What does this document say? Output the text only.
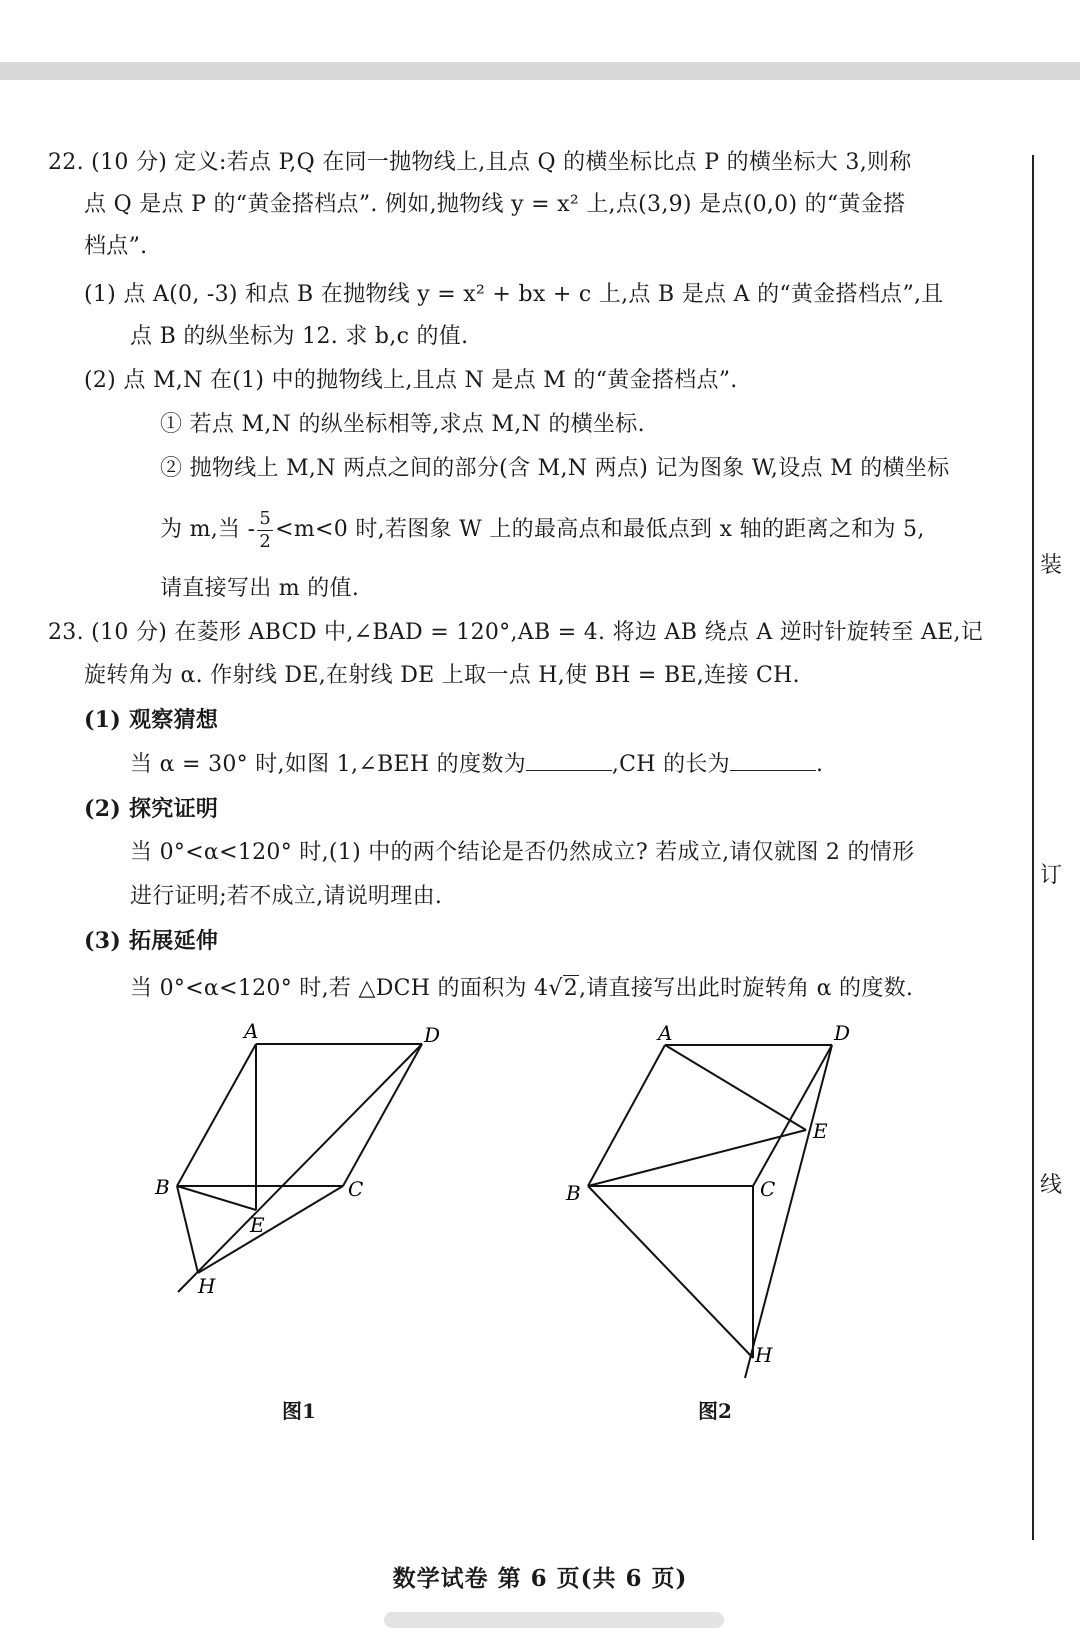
22. (10 分) 定义:若点 P,Q 在同一抛物线上,且点 Q 的横坐标比点 P 的横坐标大 3,则称
点 Q 是点 P 的“黄金搭档点”. 例如,抛物线 y = x² 上,点(3,9) 是点(0,0) 的“黄金搭
档点”.
(1) 点 A(0, -3) 和点 B 在抛物线 y = x² + bx + c 上,点 B 是点 A 的“黄金搭档点”,且
点 B 的纵坐标为 12. 求 b,c 的值.
(2) 点 M,N 在(1) 中的抛物线上,且点 N 是点 M 的“黄金搭档点”.
① 若点 M,N 的纵坐标相等,求点 M,N 的横坐标.
② 抛物线上 M,N 两点之间的部分(含 M,N 两点) 记为图象 W,设点 M 的横坐标
为 m,当 - $\frac{5}{2} <m<0$ 时,若图象 W 上的最高点和最低点到 x 轴的距离之和为 5,
请直接写出 m 的值.
23. (10 分) 在菱形 ABCD 中,∠BAD = 120°,AB = 4. 将边 AB 绕点 A 逆时针旋转至 AE,记
旋转角为 α. 作射线 DE,在射线 DE 上取一点 H,使 BH = BE,连接 CH.
(1) 观察猜想
当 α = 30° 时,如图 1,∠BEH 的度数为	,CH 的长为	.
(2) 探究证明
当 0°<α<120° 时,(1) 中的两个结论是否仍然成立? 若成立,请仅就图 2 的情形
进行证明;若不成立,请说明理由.
(3) 拓展延伸
当 0°<α<120° 时,若 △DCH 的面积为 4√2,请直接写出此时旋转角 α 的度数.
A	D
B	C
E
H
图1
A	D
B	C
E
H
图2
装
订
线
数学试卷 第 6 页(共 6 页)
